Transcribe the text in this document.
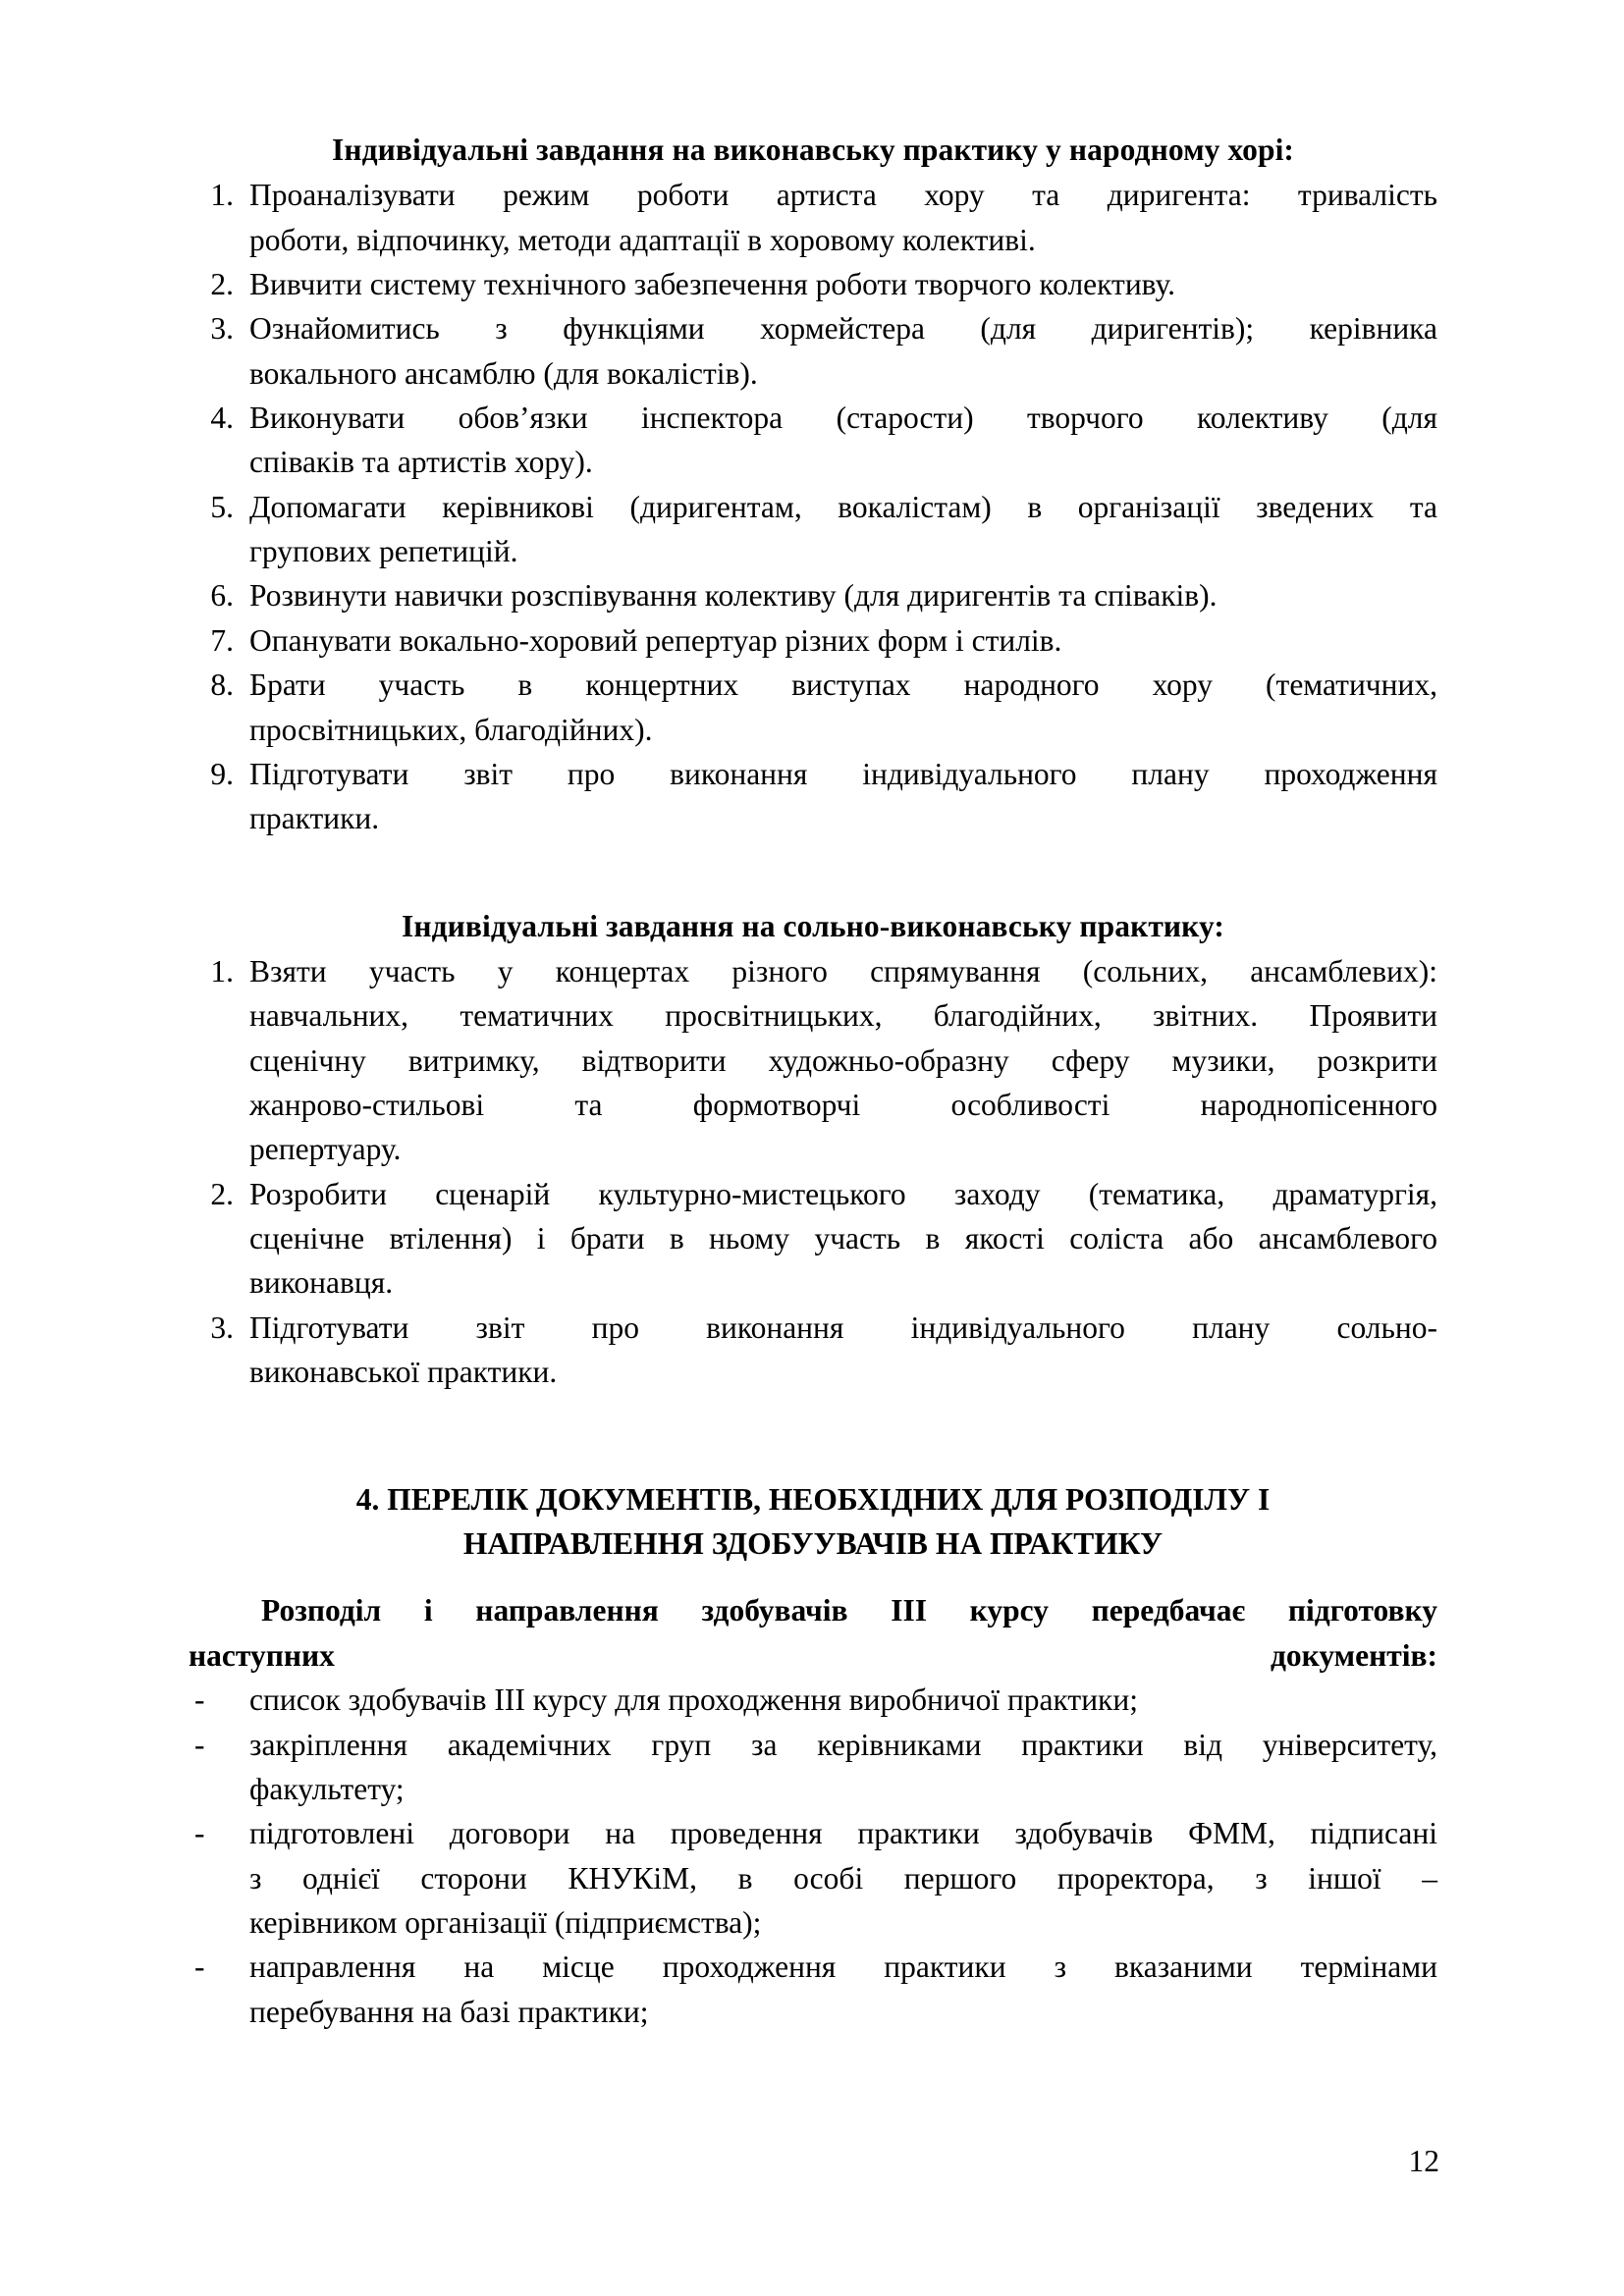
Індивідуальні завдання на виконавську практику у народному хорі:
1. Проаналізувати режим роботи артиста хору та диригента: тривалість
роботи, відпочинку, методи адаптації в хоровому колективі.
2. Вивчити систему технічного забезпечення роботи творчого колективу.
3. Ознайомитись з функціями хормейстера (для диригентів); керівника
вокального ансамблю (для вокалістів).
4. Виконувати обов’язки інспектора (старости) творчого колективу (для
співаків та артистів хору).
5. Допомагати керівникові (диригентам, вокалістам) в організації зведених та
групових репетицій.
6. Розвинути навички розспівування колективу (для диригентів та співаків).
7. Опанувати вокально-хоровий репертуар різних форм і стилів.
8. Брати участь в концертних виступах народного хору (тематичних,
просвітницьких, благодійних).
9. Підготувати звіт про виконання індивідуального плану проходження
практики.
Індивідуальні завдання на сольно-виконавську практику:
1. Взяти участь у концертах різного спрямування (сольних, ансамблевих):
навчальних, тематичних просвітницьких, благодійних, звітних. Проявити
сценічну витримку, відтворити художньо-образну сферу музики, розкрити
жанрово-стильові та формотворчі особливості народнопісенного
репертуару.
2. Розробити сценарій культурно-мистецького заходу (тематика, драматургія,
сценічне втілення) і брати в ньому участь в якості соліста або ансамблевого
виконавця.
3. Підготувати звіт про виконання індивідуального плану сольно-
виконавської практики.
4. ПЕРЕЛІК ДОКУМЕНТІВ, НЕОБХІДНИХ ДЛЯ РОЗПОДІЛУ І
НАПРАВЛЕННЯ ЗДОБУУВАЧІВ НА ПРАКТИКУ
Розподіл і направлення здобувачів ІІІ курсу передбачає підготовку
наступних документів:
- список здобувачів ІІІ курсу для проходження виробничої практики;
- закріплення академічних груп за керівниками практики від університету,
факультету;
- підготовлені договори на проведення практики здобувачів ФММ, підписані
з однієї сторони КНУКіМ, в особі першого проректора, з іншої –
керівником організації (підприємства);
- направлення на місце проходження практики з вказаними термінами
перебування на базі практики;
12
